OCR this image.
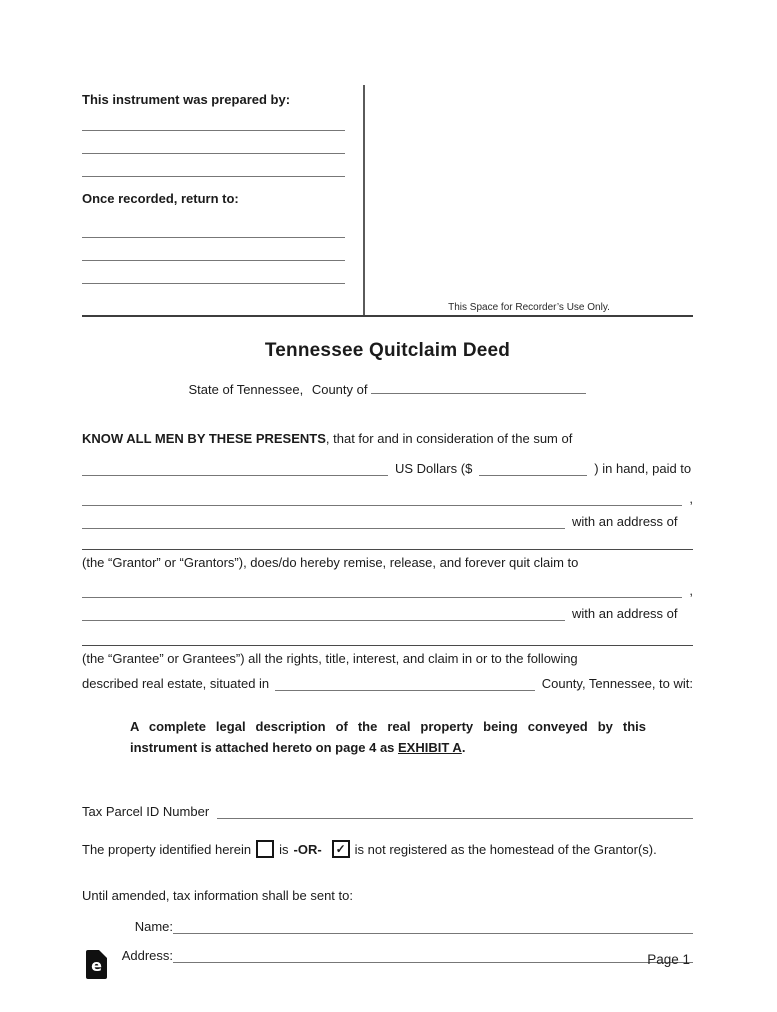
This instrument was prepared by:
Once recorded, return to:
This Space for Recorder’s Use Only.
Tennessee Quitclaim Deed
State of Tennessee, County of
KNOW ALL MEN BY THESE PRESENTS, that for and in consideration of the sum of
US Dollars ($	) in hand, paid to
,
with an address of
(the “Grantor” or “Grantors”), does/do hereby remise, release, and forever quit claim to
,
with an address of
(the “Grantee” or Grantees”) all the rights, title, interest, and claim in or to the following
described real estate, situated in	County, Tennessee, to wit:
A complete legal description of the real property being conveyed by this instrument is attached hereto on page 4 as EXHIBIT A.
Tax Parcel ID Number
The property identified herein is -OR- ✓ is not registered as the homestead of the Grantor(s).
Until amended, tax information shall be sent to:
Name:
Address:
e	Page 1
